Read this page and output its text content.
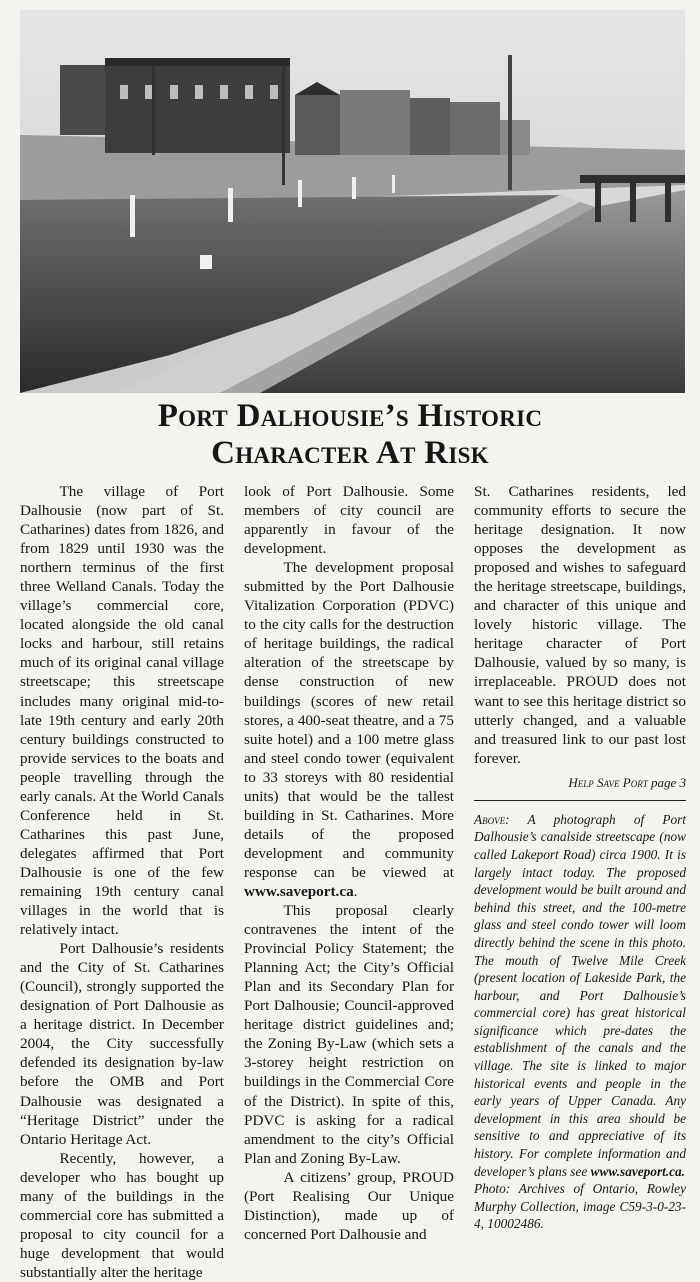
Port Dalhousie’s Historic
Character At Risk

The village of Port Dalhousie (now part of St. Catharines) dates from 1826, and from 1829 until 1930 was the northern terminus of the first three Welland Canals. Today the village’s commercial core, located alongside the old canal locks and harbour, still retains much of its original canal village streetscape; this streetscape includes many original mid-to-late 19th century and early 20th century buildings constructed to provide services to the boats and people travelling through the early canals. At the World Canals Conference held in St. Catharines this past June, delegates affirmed that Port Dalhousie is one of the few remaining 19th century canal villages in the world that is relatively intact.

Port Dalhousie’s residents and the City of St. Catharines (Council), strongly supported the designation of Port Dalhousie as a heritage district. In December 2004, the City successfully defended its designation by-law before the OMB and Port Dalhousie was designated a “Heritage District” under the Ontario Heritage Act.

Recently, however, a developer who has bought up many of the buildings in the commercial core has submitted a proposal to city council for a huge development that would substantially alter the heritage

look of Port Dalhousie. Some members of city council are apparently in favour of the development.

The development proposal submitted by the Port Dalhousie Vitalization Corporation (PDVC) to the city calls for the destruction of heritage buildings, the radical alteration of the streetscape by dense construction of new buildings (scores of new retail stores, a 400-seat theatre, and a 75 suite hotel) and a 100 metre glass and steel condo tower (equivalent to 33 storeys with 80 residential units) that would be the tallest building in St. Catharines. More details of the proposed development and community response can be viewed at www.saveport.ca.

This proposal clearly contravenes the intent of the Provincial Policy Statement; the Planning Act; the City’s Official Plan and its Secondary Plan for Port Dalhousie; Council-approved heritage district guidelines and; the Zoning By-Law (which sets a 3-storey height restriction on buildings in the Commercial Core of the District). In spite of this, PDVC is asking for a radical amendment to the city’s Official Plan and Zoning By-Law.

A citizens’ group, PROUD (Port Realising Our Unique Distinction), made up of concerned Port Dalhousie and

St. Catharines residents, led community efforts to secure the heritage designation. It now opposes the development as proposed and wishes to safeguard the heritage streetscape, buildings, and character of this unique and lovely historic village. The heritage character of Port Dalhousie, valued by so many, is irreplaceable. PROUD does not want to see this heritage district so utterly changed, and a valuable and treasured link to our past lost forever.

Help Save Port page 3
Above: A photograph of Port Dalhousie’s canalside streetscape (now called Lakeport Road) circa 1900. It is largely intact today. The proposed development would be built around and behind this street, and the 100-metre glass and steel condo tower will loom directly behind the scene in this photo. The mouth of Twelve Mile Creek (present location of Lakeside Park, the harbour, and Port Dalhousie’s commercial core) has great historical significance which pre-dates the establishment of the canals and the village. The site is linked to major historical events and people in the early years of Upper Canada. Any development in this area should be sensitive to and appreciative of its history. For complete information and developer’s plans see www.saveport.ca.
Photo: Archives of Ontario, Rowley Murphy Collection, image C59-3-0-23-4, 10002486.
